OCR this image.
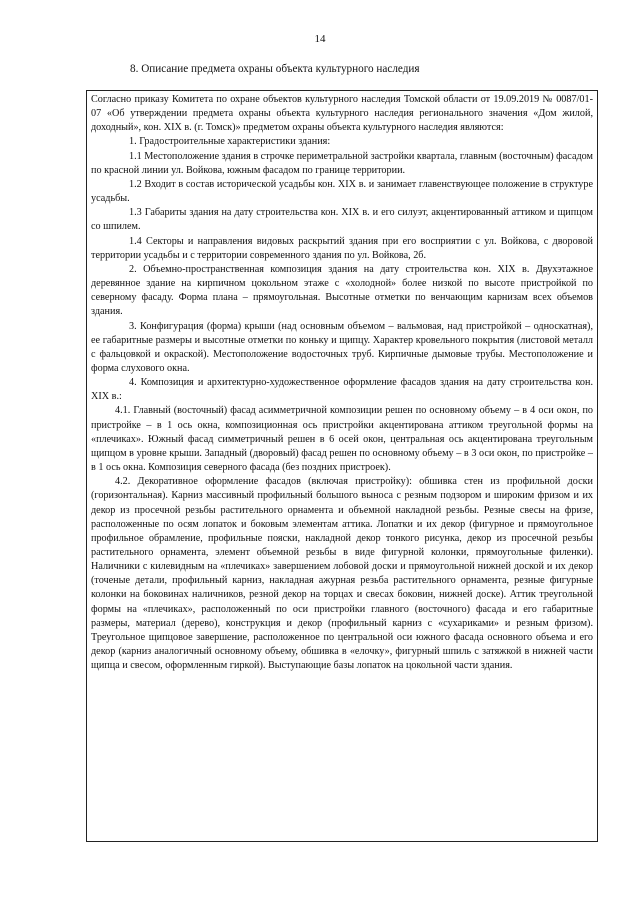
14
8. Описание предмета охраны объекта культурного наследия

Согласно приказу Комитета по охране объектов культурного наследия Томской области от 19.09.2019 № 0087/01-07 «Об утверждении предмета охраны объекта культурного наследия регионального значения «Дом жилой, доходный», кон. XIX в. (г. Томск)» предметом охраны объекта культурного наследия являются:

1. Градостроительные характеристики здания:

1.1 Местоположение здания в строчке периметральной застройки квартала, главным (восточным) фасадом по красной линии ул. Войкова, южным фасадом по границе территории.

1.2 Входит в состав исторической усадьбы кон. XIX в. и занимает главенствующее положение в структуре усадьбы.

1.3 Габариты здания на дату строительства кон. XIX в. и его силуэт, акцентированный аттиком и щипцом со шпилем.

1.4 Секторы и направления видовых раскрытий здания при его восприятии с ул. Войкова, с дворовой территории усадьбы и с территории современного здания по ул. Войкова, 2б.

2. Объемно-пространственная композиция здания на дату строительства кон. XIX в. Двухэтажное деревянное здание на кирпичном цокольном этаже с «холодной» более низкой по высоте пристройкой по северному фасаду. Форма плана – прямоугольная. Высотные отметки по венчающим карнизам всех объемов здания.

3. Конфигурация (форма) крыши (над основным объемом – вальмовая, над пристройкой – односкатная), ее габаритные размеры и высотные отметки по коньку и щипцу. Характер кровельного покрытия (листовой металл с фальцовкой и окраской). Местоположение водосточных труб. Кирпичные дымовые трубы. Местоположение и форма слухового окна.

4. Композиция и архитектурно-художественное оформление фасадов здания на дату строительства кон. XIX в.:

4.1. Главный (восточный) фасад асимметричной композиции решен по основному объему – в 4 оси окон, по пристройке – в 1 ось окна, композиционная ось пристройки акцентирована аттиком треугольной формы на «плечиках». Южный фасад симметричный решен в 6 осей окон, центральная ось акцентирована треугольным щипцом в уровне крыши. Западный (дворовый) фасад решен по основному объему – в 3 оси окон, по пристройке – в 1 ось окна. Композиция северного фасада (без поздних пристроек).

4.2. Декоративное оформление фасадов (включая пристройку): обшивка стен из профильной доски (горизонтальная). Карниз массивный профильный большого выноса с резным подзором и широким фризом и их декор из просечной резьбы растительного орнамента и объемной накладной резьбы. Резные свесы на фризе, расположенные по осям лопаток и боковым элементам аттика. Лопатки и их декор (фигурное и прямоугольное профильное обрамление, профильные пояски, накладной декор тонкого рисунка, декор из просечной резьбы растительного орнамента, элемент объемной резьбы в виде фигурной колонки, прямоугольные филенки). Наличники с килевидным на «плечиках» завершением лобовой доски и прямоугольной нижней доской и их декор (точеные детали, профильный карниз, накладная ажурная резьба растительного орнамента, резные фигурные колонки на боковинах наличников, резной декор на торцах и свесах боковин, нижней доске). Аттик треугольной формы на «плечиках», расположенный по оси пристройки главного (восточного) фасада и его габаритные размеры, материал (дерево), конструкция и декор (профильный карниз с «сухариками» и резным фризом). Треугольное щипцовое завершение, расположенное по центральной оси южного фасада основного объема и его декор (карниз аналогичный основному объему, обшивка в «елочку», фигурный шпиль с затяжкой в нижней части щипца и свесом, оформленным гиркой). Выступающие базы лопаток на цокольной части здания.
